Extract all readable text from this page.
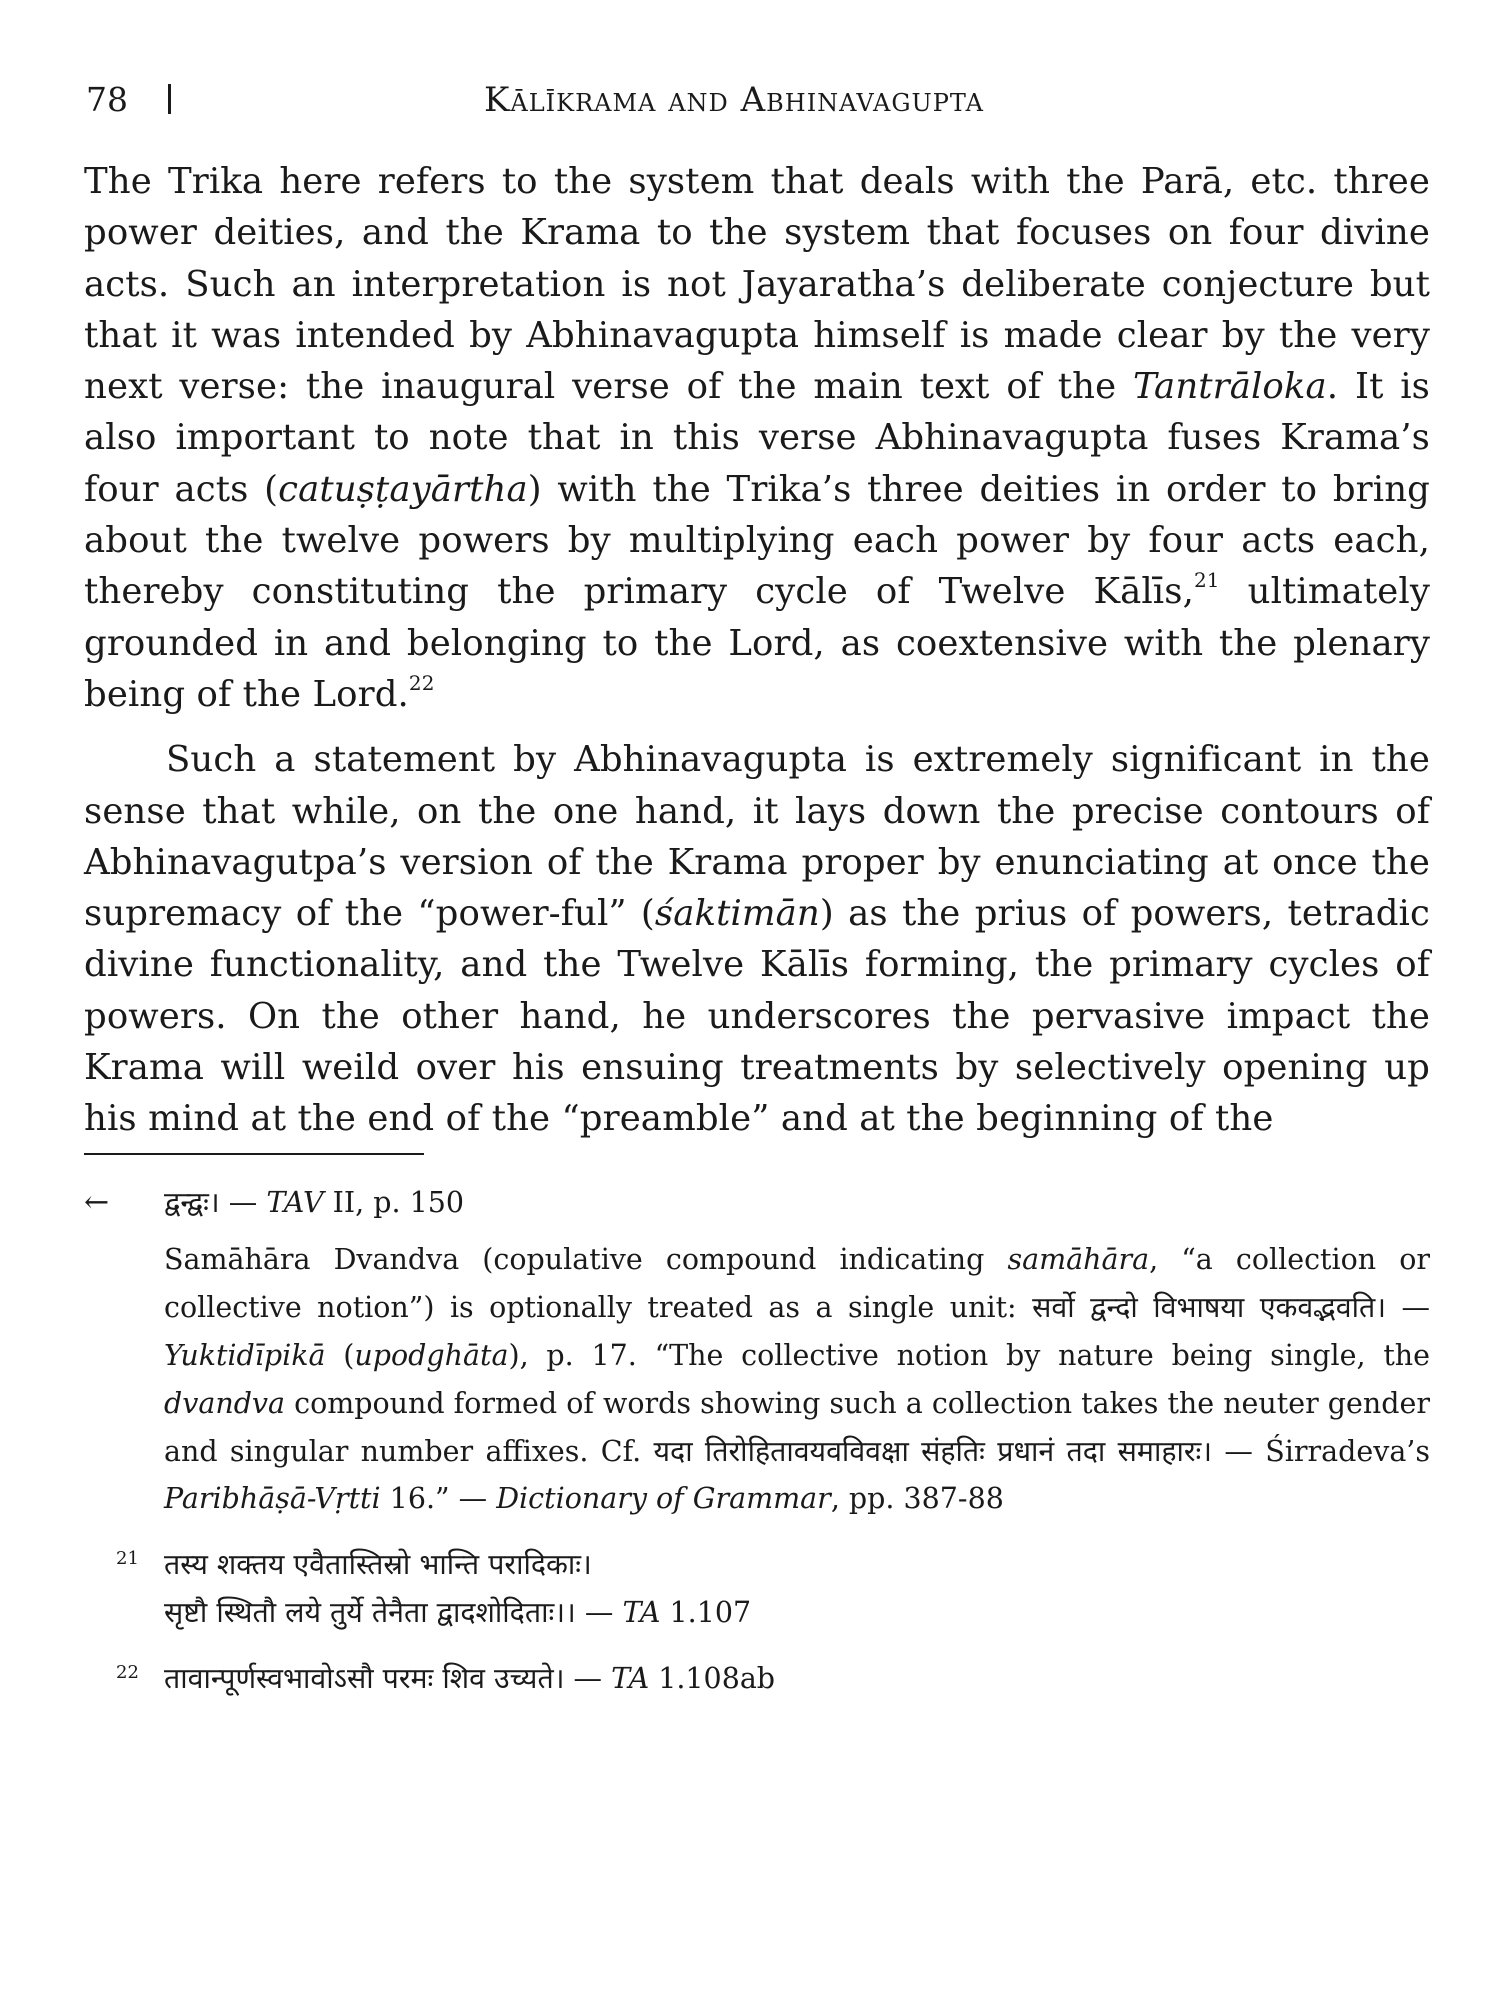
78	Kālīkrama and Abhinavagupta

The Trika here refers to the system that deals with the Parā, etc. three power deities, and the Krama to the system that focuses on four divine acts. Such an interpretation is not Jayaratha’s deliberate conjecture but that it was intended by Abhinavagupta himself is made clear by the very next verse: the inaugural verse of the main text of the Tantrāloka. It is also important to note that in this verse Abhinavagupta fuses Krama’s four acts (catuṣṭayārtha) with the Trika’s three deities in order to bring about the twelve powers by multiplying each power by four acts each, thereby constituting the primary cycle of Twelve Kālīs,$^{21}$ ultimately grounded in and belonging to the Lord, as coextensive with the plenary being of the Lord.$^{22}$

Such a statement by Abhinavagupta is extremely significant in the sense that while, on the one hand, it lays down the precise contours of Abhinavagutpa’s version of the Krama proper by enunciating at once the supremacy of the “power-ful” (śaktimān) as the prius of powers, tetradic divine functionality, and the Twelve Kālīs forming, the primary cycles of powers. On the other hand, he underscores the pervasive impact the Krama will weild over his ensuing treatments by selectively opening up his mind at the end of the “preamble” and at the beginning of the

← द्वन्द्वः। — TAV II, p. 150

Samāhāra Dvandva (copulative compound indicating samāhāra, “a collection or collective notion”) is optionally treated as a single unit: सर्वो द्वन्दो विभाषया एकवद्भवति। — Yuktidīpikā (upodghāta), p. 17. “The collective notion by nature being single, the dvandva compound formed of words showing such a collection takes the neuter gender and singular number affixes. Cf. यदा तिरोहितावयवविवक्षा संहतिः प्रधानं तदा समाहारः। — Śirradeva’s Paribhāṣā-Vṛtti 16.” — Dictionary of Grammar, pp. 387-88

21 तस्य शक्तय एवैतास्तिस्रो भान्ति परादिकाः।
सृष्टौ स्थितौ लये तुर्ये तेनैता द्वादशोदिताः।। — TA 1.107
22 तावान्पूर्णस्वभावोऽसौ परमः शिव उच्यते। — TA 1.108ab
